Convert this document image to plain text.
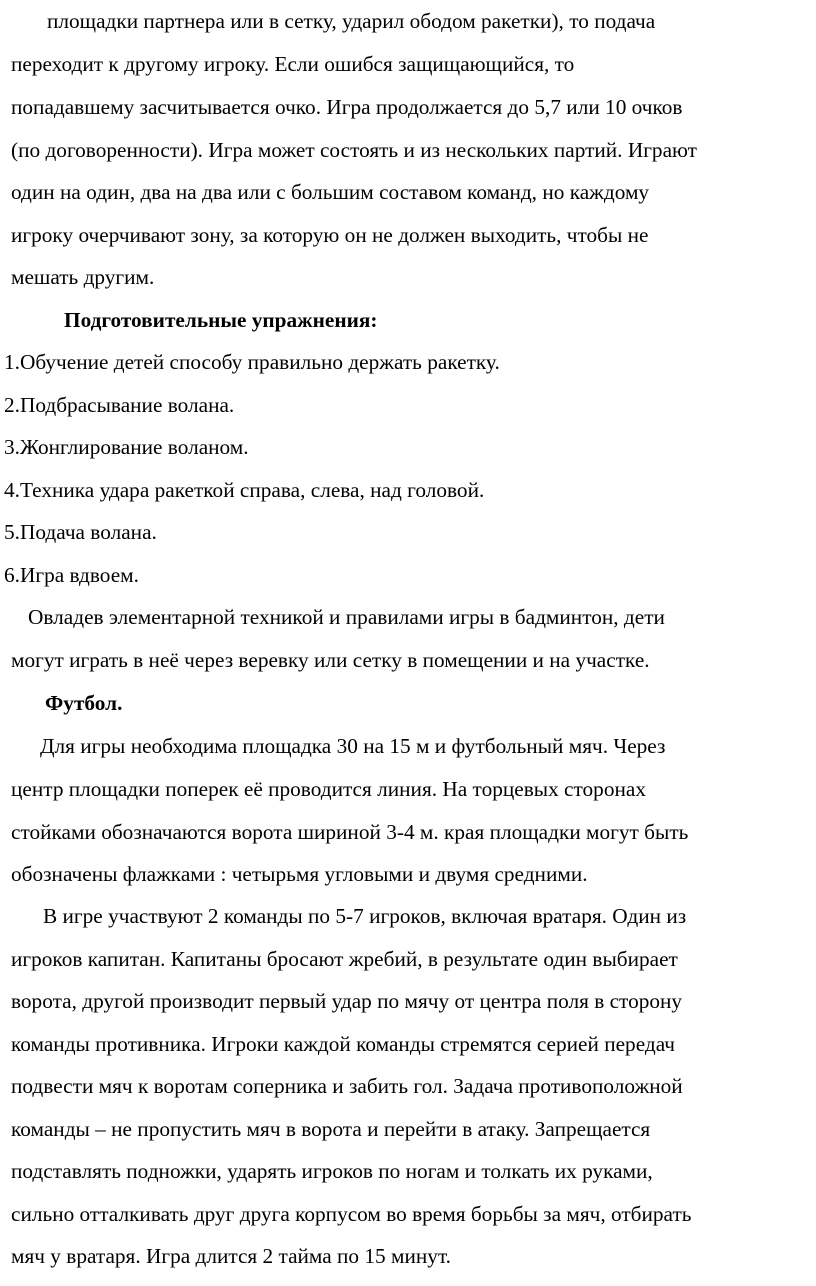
площадки партнера или в сетку, ударил ободом ракетки), то подача
переходит к другому игроку. Если ошибся защищающийся, то
попадавшему засчитывается очко. Игра продолжается до 5,7 или 10 очков
(по договоренности). Игра может состоять и из нескольких партий. Играют
один на один, два на два или с большим составом команд, но каждому
игроку очерчивают зону, за которую он не должен выходить, чтобы не
мешать другим.
Подготовительные упражнения:
1.Обучение детей способу правильно держать ракетку.
2.Подбрасывание волана.
3.Жонглирование воланом.
4.Техника удара ракеткой справа, слева, над головой.
5.Подача волана.
6.Игра вдвоем.
Овладев элементарной техникой и правилами игры в бадминтон, дети
могут играть в неё через веревку или сетку в помещении и на участке.
Футбол.
Для игры необходима площадка 30 на 15 м и футбольный мяч. Через
центр площадки поперек её проводится линия. На торцевых сторонах
стойками обозначаются ворота шириной 3-4 м. края площадки могут быть
обозначены флажками : четырьмя угловыми и двумя средними.
В игре участвуют 2 команды по 5-7 игроков, включая вратаря. Один из
игроков капитан. Капитаны бросают жребий, в результате один выбирает
ворота, другой производит первый удар по мячу от центра поля в сторону
команды противника. Игроки каждой команды стремятся серией передач
подвести мяч к воротам соперника и забить гол. Задача противоположной
команды – не пропустить мяч в ворота и перейти в атаку. Запрещается
подставлять подножки, ударять игроков по ногам и толкать их руками,
сильно отталкивать друг друга корпусом во время борьбы за мяч, отбирать
мяч у вратаря. Игра длится 2 тайма по 15 минут.
